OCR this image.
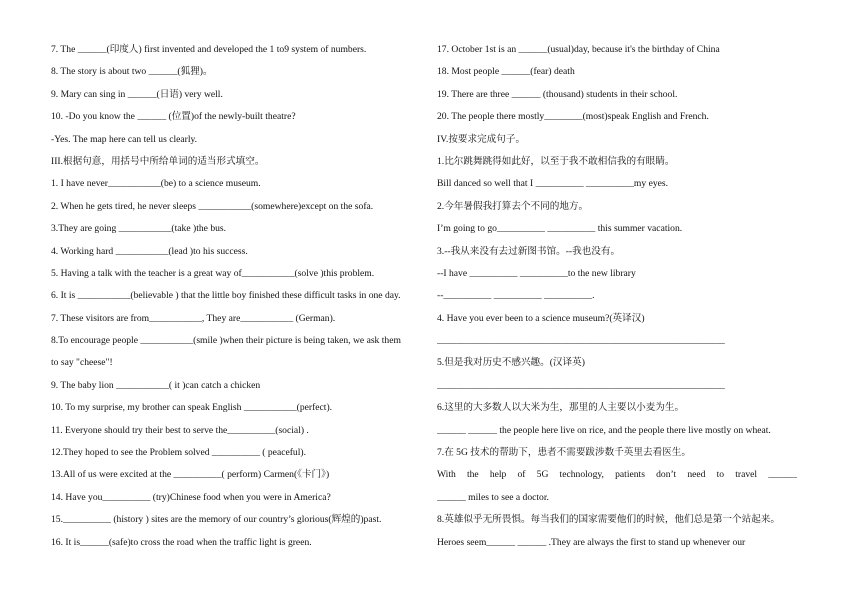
7. The ______(印度人) first invented and developed the 1 to9 system of numbers.
8. The story is about two ______(狐狸)。
9. Mary can sing in ______(日语) very well.
10. -Do you know the ______ (位置)of the newly-built theatre?
-Yes. The map here can tell us clearly.
III.根据句意，用括号中所给单词的适当形式填空。
1. I have never___________(be) to a science museum.
2. When he gets tired, he never sleeps ___________(somewhere)except on the sofa.
3.They are going ___________(take )the bus.
4. Working hard ___________(lead )to his success.
5. Having a talk with the teacher is a great way of___________(solve )this problem.
6. It is ___________(believable ) that the little boy finished these difficult tasks in one day.
7. These visitors are from___________, They are___________ (German).
8.To encourage people ___________(smile )when their picture is being taken, we ask them
to say "cheese"!
9. The baby lion ___________( it )can catch a chicken
10. To my surprise, my brother can speak English ___________(perfect).
11. Everyone should try their best to serve the__________(social) .
12.They hoped to see the Problem solved __________ ( peaceful).
13.All of us were excited at the __________( perform) Carmen(《卡门》)
14. Have you__________ (try)Chinese food when you were in America?
15.__________ (history ) sites are the memory of our country’s glorious(辉煌的)past.
16. It is______(safe)to cross the road when the traffic light is green.
17. October 1st is an ______(usual)day, because it's the birthday of China
18. Most people ______(fear) death
19. There are three ______ (thousand) students in their school.
20. The people there mostly________(most)speak English and French.
IV.按要求完成句子。
1.比尔跳舞跳得如此好，以至于我不敢相信我的有眼睛。
Bill danced so well that I __________ __________my eyes.
2.今年暑假我打算去个不同的地方。
I’m going to go__________ __________ this summer vacation.
3.--我从来没有去过新图书馆。--我也没有。
--I have __________ __________to the new library
--__________ __________ __________.
4. Have you ever been to a science museum?(英译汉)
____________________________________________________________
5.但是我对历史不感兴趣。(汉译英)
____________________________________________________________
6.这里的大多数人以大米为生，那里的人主要以小麦为生。
______ ______ the people here live on rice, and the people there live mostly on wheat.
7.在 5G 技术的帮助下，患者不需要跋涉数千英里去看医生。
With the help of 5G technology, patients don’t need to travel ______
______ miles to see a doctor.
8.英雄似乎无所畏惧。每当我们的国家需要他们的时候，他们总是第一个站起来。
Heroes seem______ ______ .They are always the first to stand up whenever our
